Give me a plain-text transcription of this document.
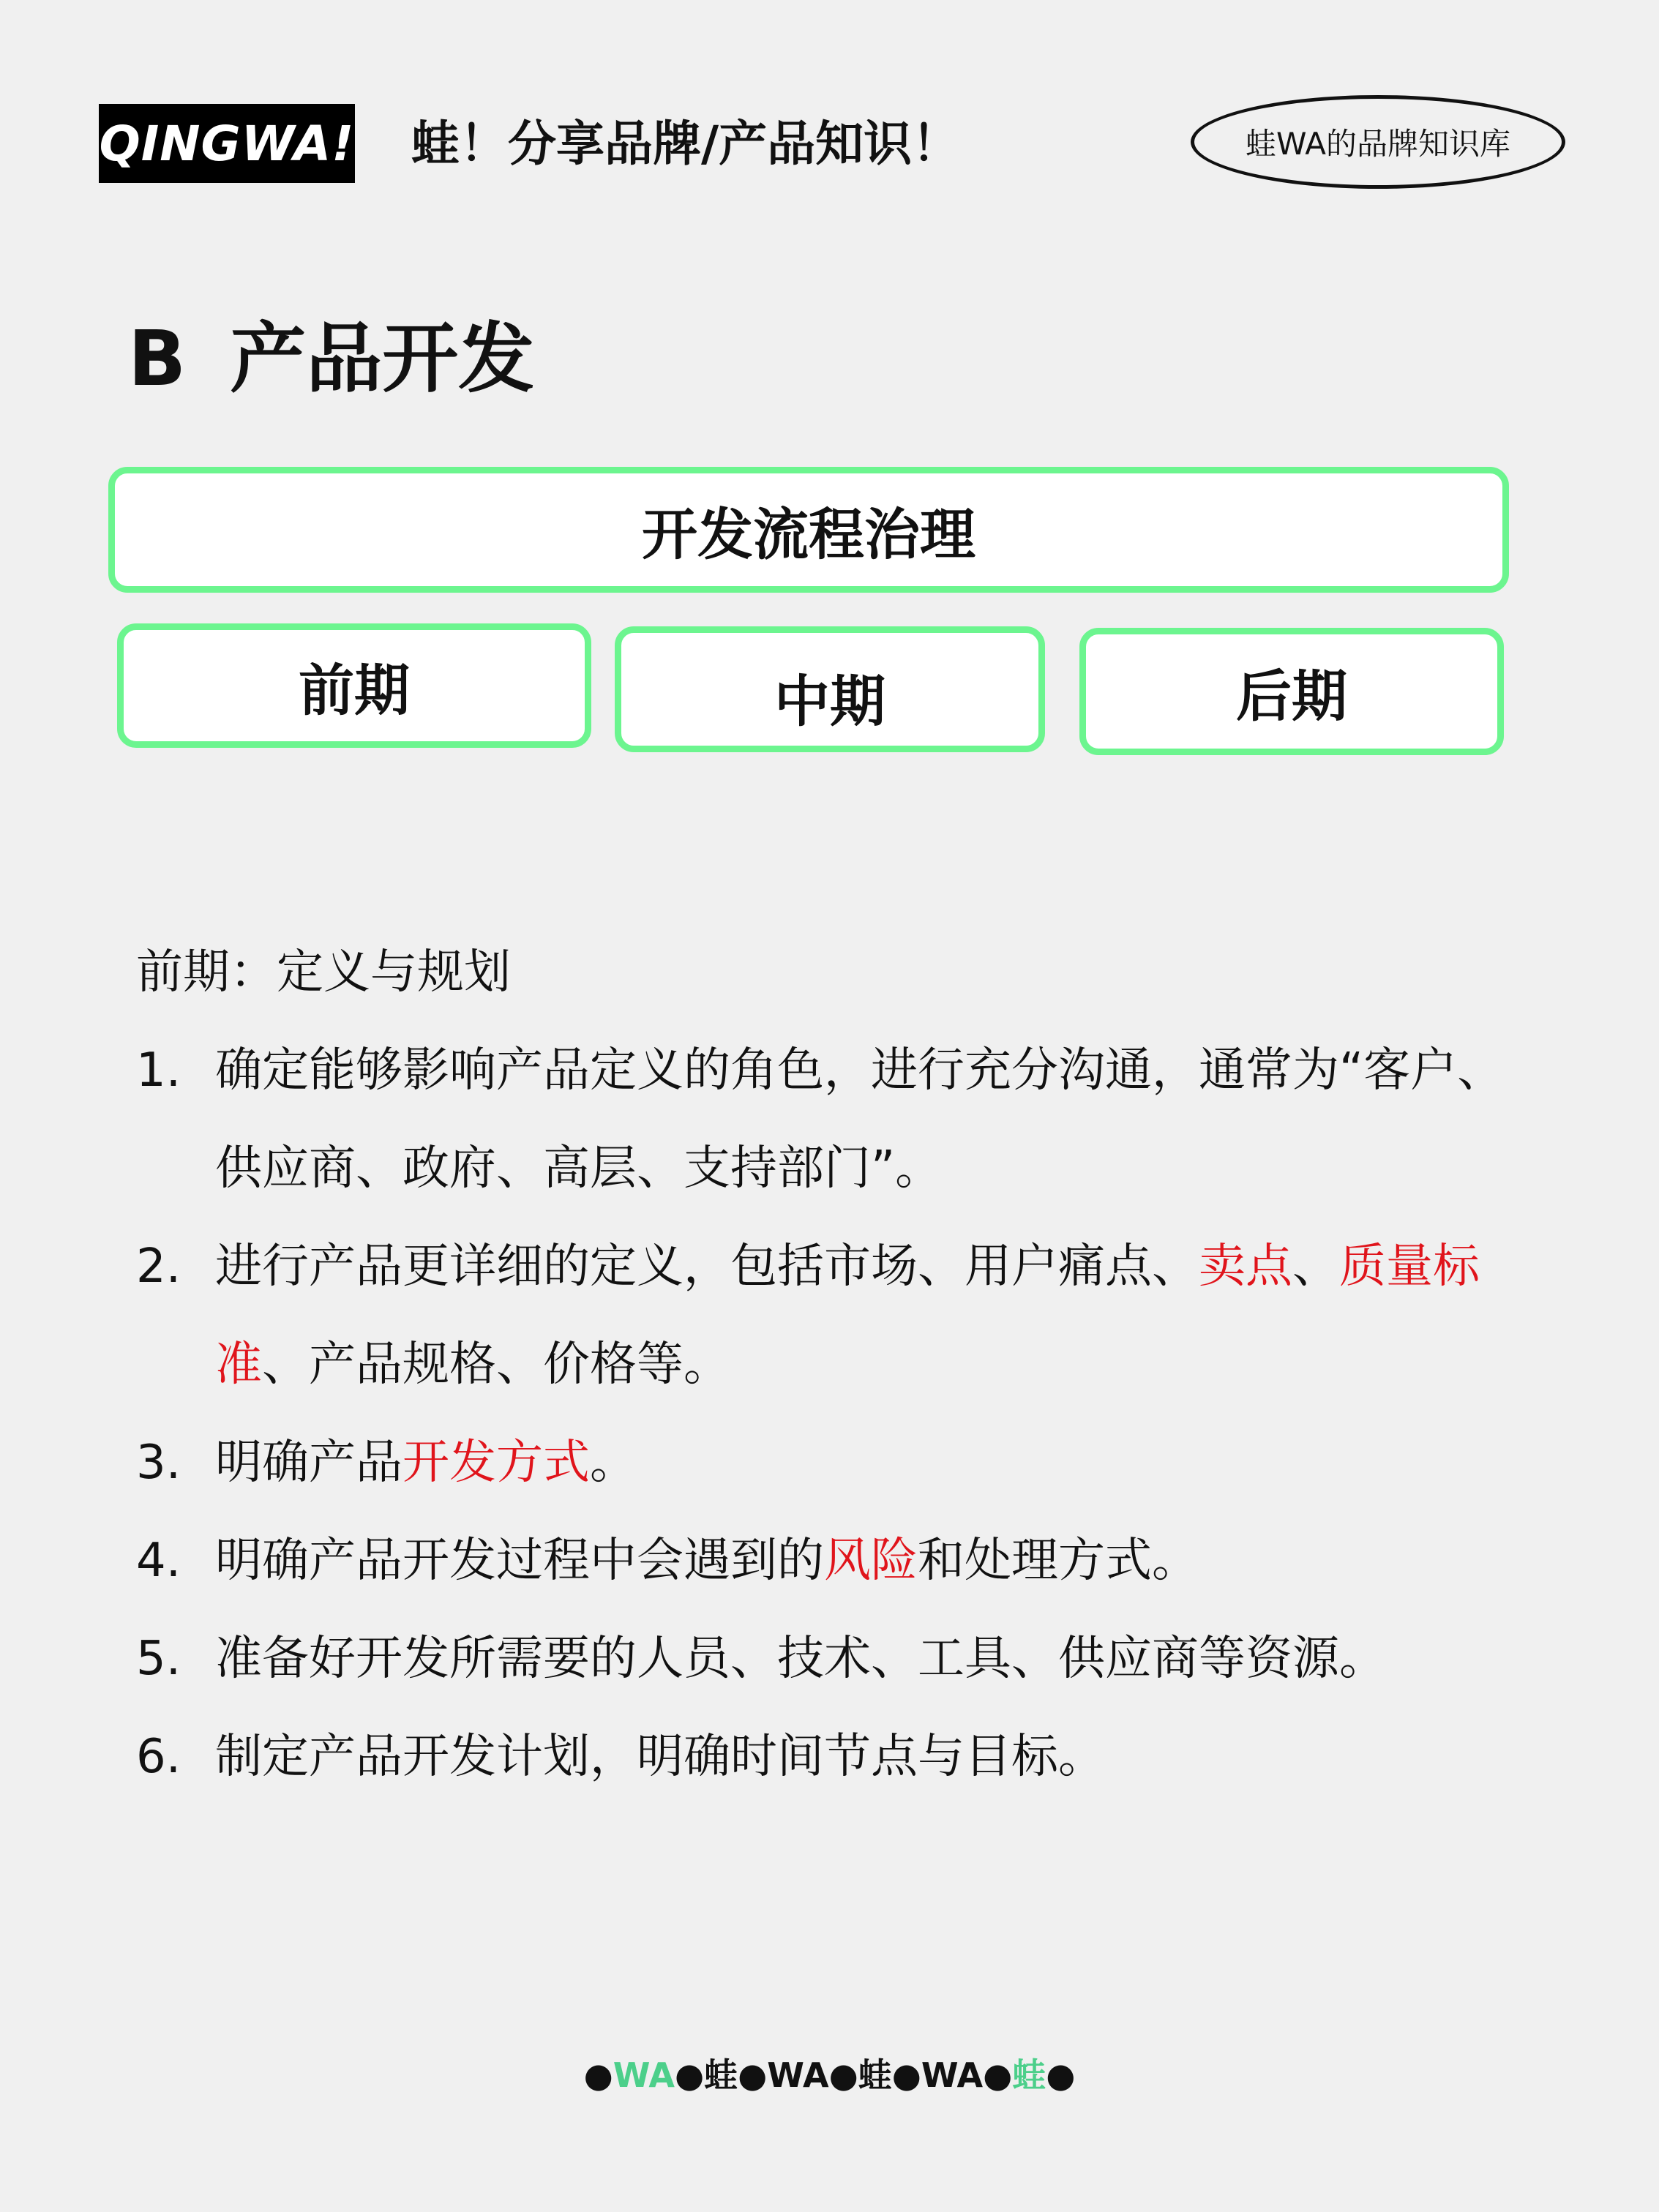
QINGWA! 蛙！分享品牌/产品知识！	蛙WA的品牌知识库
B 产品开发
开发流程治理
前期	中期	后期

前期：定义与规划

1. 确定能够影响产品定义的角色，进行充分沟通，通常为“客户、供应商、政府、高层、支持部门”。
2. 进行产品更详细的定义，包括市场、用户痛点、卖点、质量标准、产品规格、价格等。
3. 明确产品开发方式。
4. 明确产品开发过程中会遇到的风险和处理方式。
5. 准备好开发所需要的人员、技术、工具、供应商等资源。
6. 制定产品开发计划，明确时间节点与目标。
●WA●蛙●WA●蛙●WA●蛙●
